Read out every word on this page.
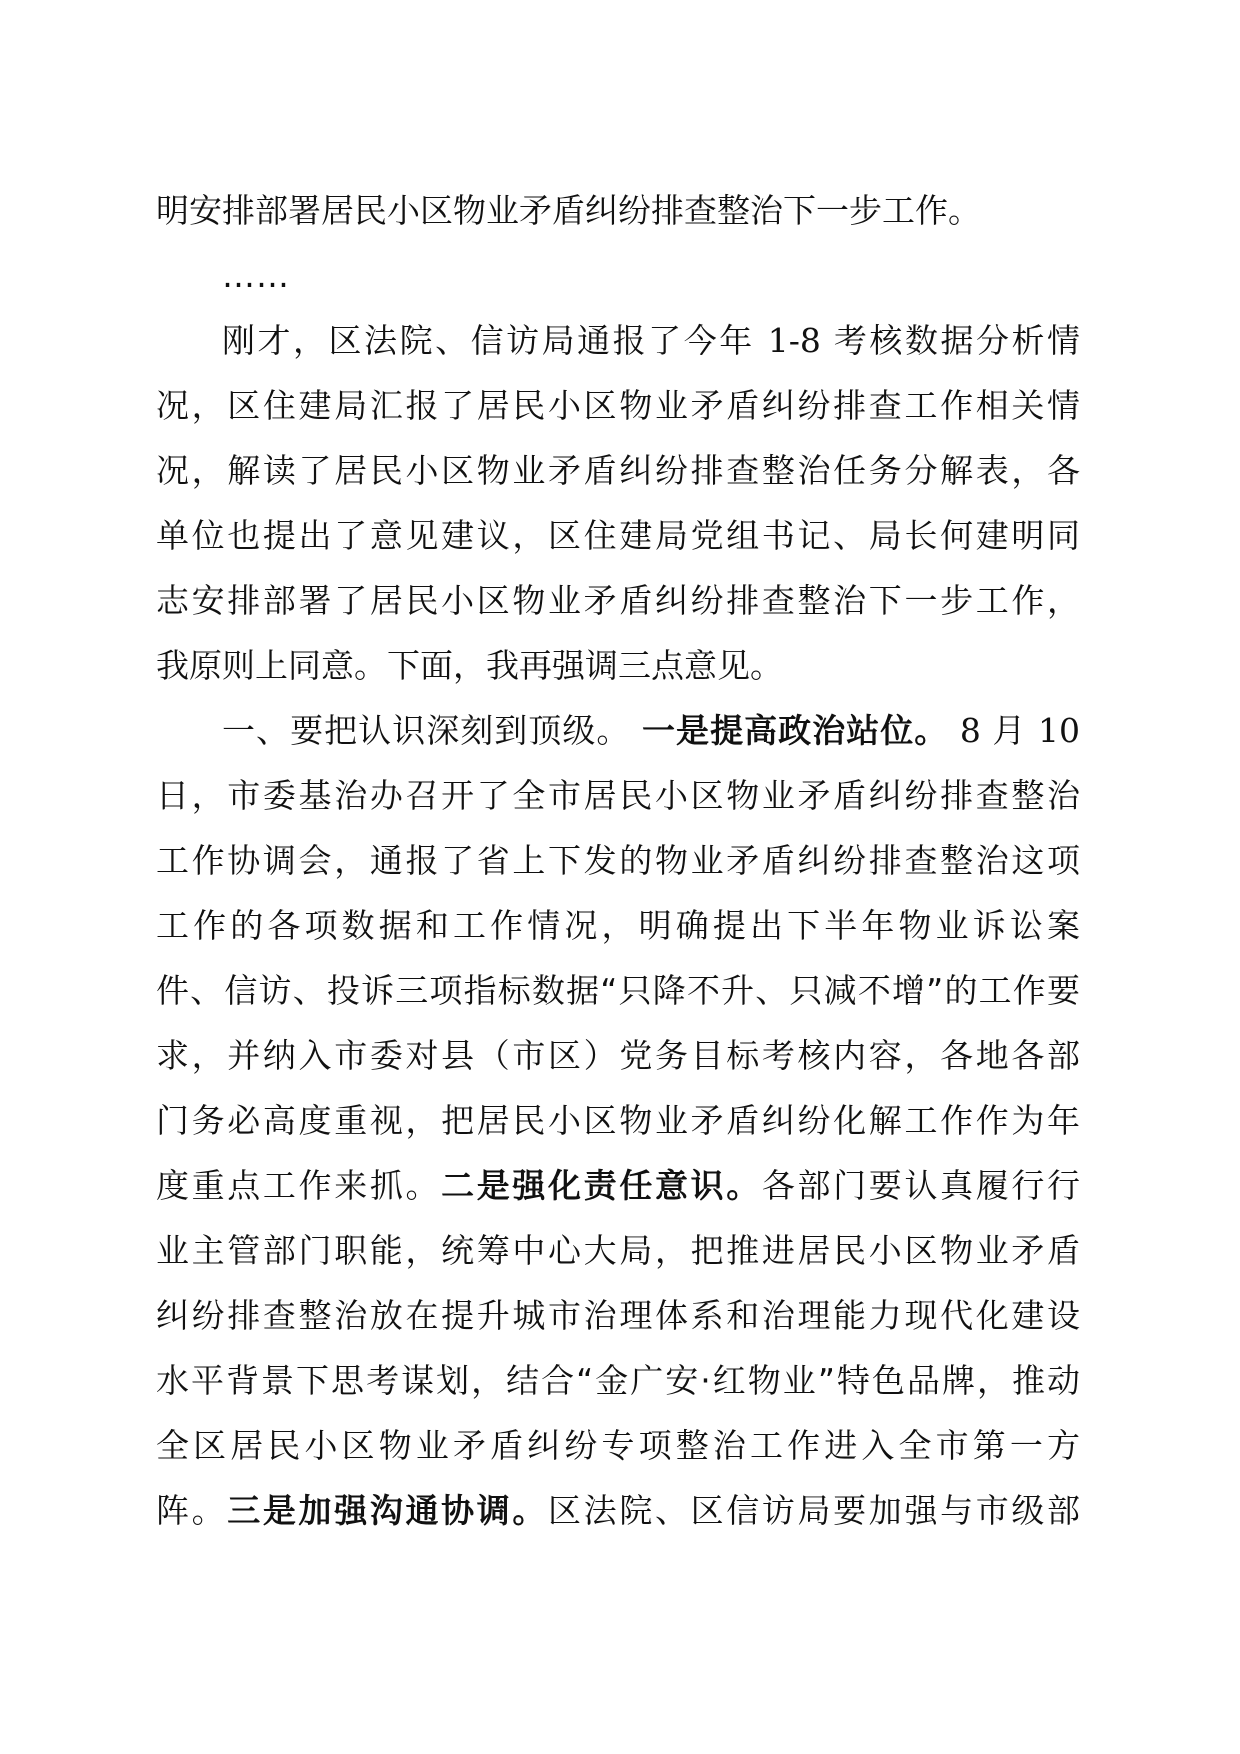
明安排部署居民小区物业矛盾纠纷排查整治下一步工作。
……
刚才，区法院、信访局通报了今年 1-8 考核数据分析情
况，区住建局汇报了居民小区物业矛盾纠纷排查工作相关情
况，解读了居民小区物业矛盾纠纷排查整治任务分解表，各
单位也提出了意见建议，区住建局党组书记、局长何建明同
志安排部署了居民小区物业矛盾纠纷排查整治下一步工作，
我原则上同意。下面，我再强调三点意见。
一、要把认识深刻到顶级。 一是提高政治站位。 8 月 10
日，市委基治办召开了全市居民小区物业矛盾纠纷排查整治
工作协调会，通报了省上下发的物业矛盾纠纷排查整治这项
工作的各项数据和工作情况，明确提出下半年物业诉讼案
件、信访、投诉三项指标数据“只降不升、只减不增”的工作要
求，并纳入市委对县（市区）党务目标考核内容，各地各部
门务必高度重视，把居民小区物业矛盾纠纷化解工作作为年
度重点工作来抓。二是强化责任意识。各部门要认真履行行
业主管部门职能，统筹中心大局，把推进居民小区物业矛盾
纠纷排查整治放在提升城市治理体系和治理能力现代化建设
水平背景下思考谋划，结合“金广安·红物业”特色品牌，推动
全区居民小区物业矛盾纠纷专项整治工作进入全市第一方
阵。三是加强沟通协调。区法院、区信访局要加强与市级部
